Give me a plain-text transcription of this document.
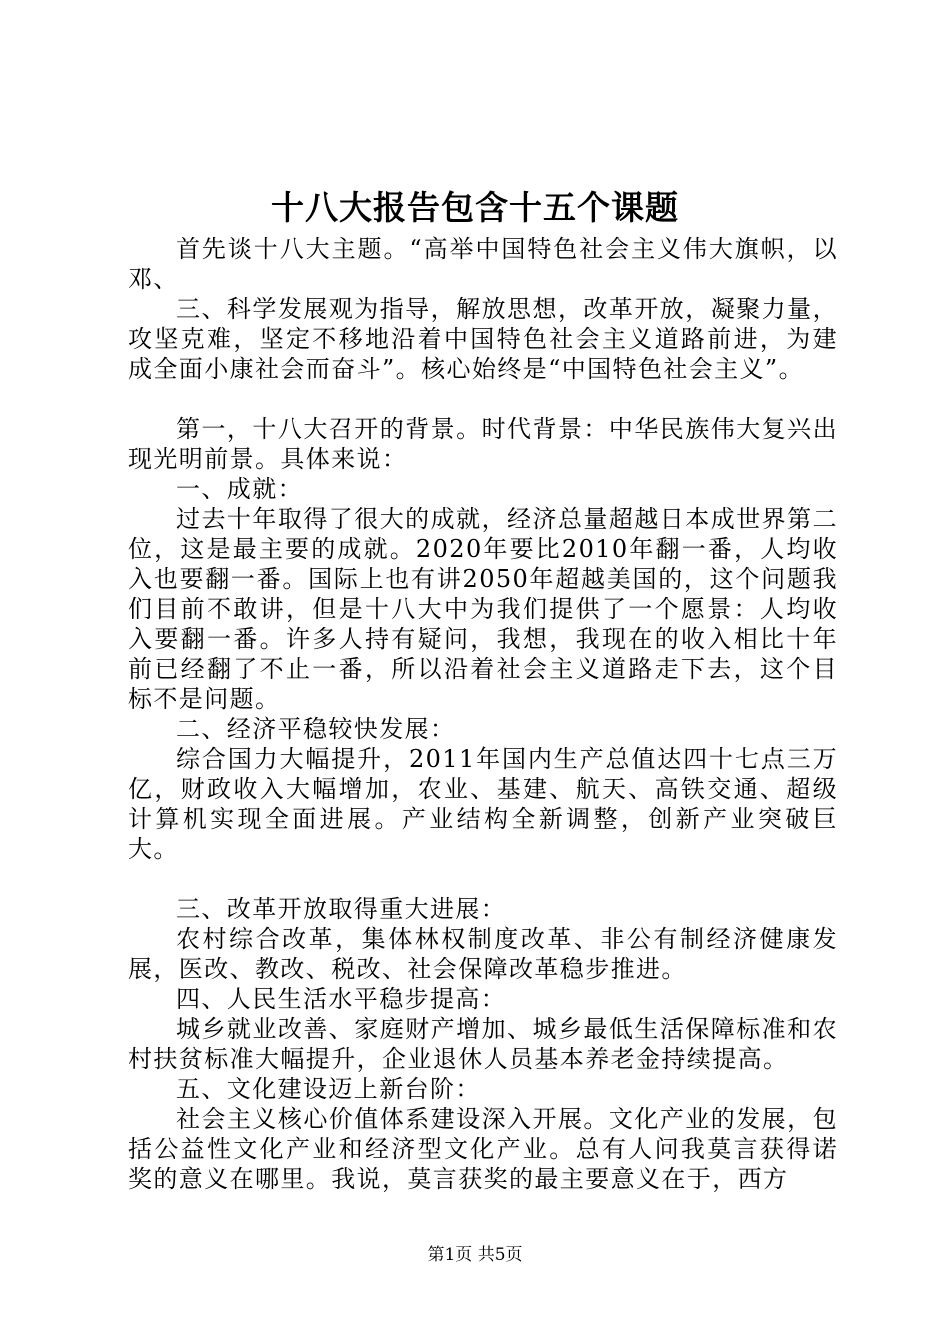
十八大报告包含十五个课题

首先谈十八大主题。“高举中国特色社会主义伟大旗帜，以邓、

三、科学发展观为指导，解放思想，改革开放，凝聚力量，攻坚克难，坚定不移地沿着中国特色社会主义道路前进，为建成全面小康社会而奋斗”。核心始终是“中国特色社会主义”。

第一，十八大召开的背景。时代背景：中华民族伟大复兴出现光明前景。具体来说：

一、成就：

过去十年取得了很大的成就，经济总量超越日本成世界第二位，这是最主要的成就。2020年要比2010年翻一番，人均收入也要翻一番。国际上也有讲2050年超越美国的，这个问题我们目前不敢讲，但是十八大中为我们提供了一个愿景：人均收入要翻一番。许多人持有疑问，我想，我现在的收入相比十年前已经翻了不止一番，所以沿着社会主义道路走下去，这个目标不是问题。

二、经济平稳较快发展：

综合国力大幅提升，2011年国内生产总值达四十七点三万亿，财政收入大幅增加，农业、基建、航天、高铁交通、超级计算机实现全面进展。产业结构全新调整，创新产业突破巨大。

三、改革开放取得重大进展：

农村综合改革，集体林权制度改革、非公有制经济健康发展，医改、教改、税改、社会保障改革稳步推进。

四、人民生活水平稳步提高：

城乡就业改善、家庭财产增加、城乡最低生活保障标准和农村扶贫标准大幅提升，企业退休人员基本养老金持续提高。

五、文化建设迈上新台阶：

社会主义核心价值体系建设深入开展。文化产业的发展，包括公益性文化产业和经济型文化产业。总有人问我莫言获得诺奖的意义在哪里。我说，莫言获奖的最主要意义在于，西方

第1页 共5页
